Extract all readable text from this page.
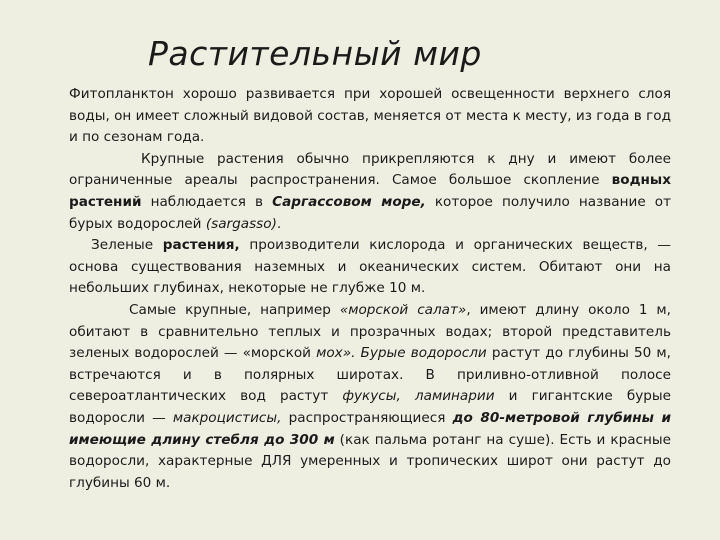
Растительный мир

Фитопланктон хорошо развивается при хорошей освещенности верхнего слоя воды, он имеет сложный видовой состав, меняется от места к месту, из года в год и по сезонам года.

Крупные растения обычно прикрепляются к дну и имеют более ограниченные ареалы распространения. Самое большое скопление водных растений наблюдается в Саргассовом море, которое получило название от бурых водорослей (sargasso).

Зеленые растения, производители кислорода и органических веществ, — основа существования наземных и океанических систем. Обитают они на небольших глубинах, некоторые не глубже 10 м.

Самые крупные, например «морской салат», имеют длину около 1 м, обитают в сравнительно теплых и прозрачных водах; второй представитель зеленых водорослей — «морской мох». Бурые водоросли растут до глубины 50 м, встречаются и в полярных широтах. В приливно-отливной полосе североатлантических вод растут фукусы, ламинарии и гигантские бурые водоросли — макроцистисы, распространяющиеся до 80-метровой глубины и имеющие длину стебля до 300 м (как пальма ротанг на суше). Есть и красные водоросли, характерные ДЛЯ умеренных и тропических широт они растут до глубины 60 м.
